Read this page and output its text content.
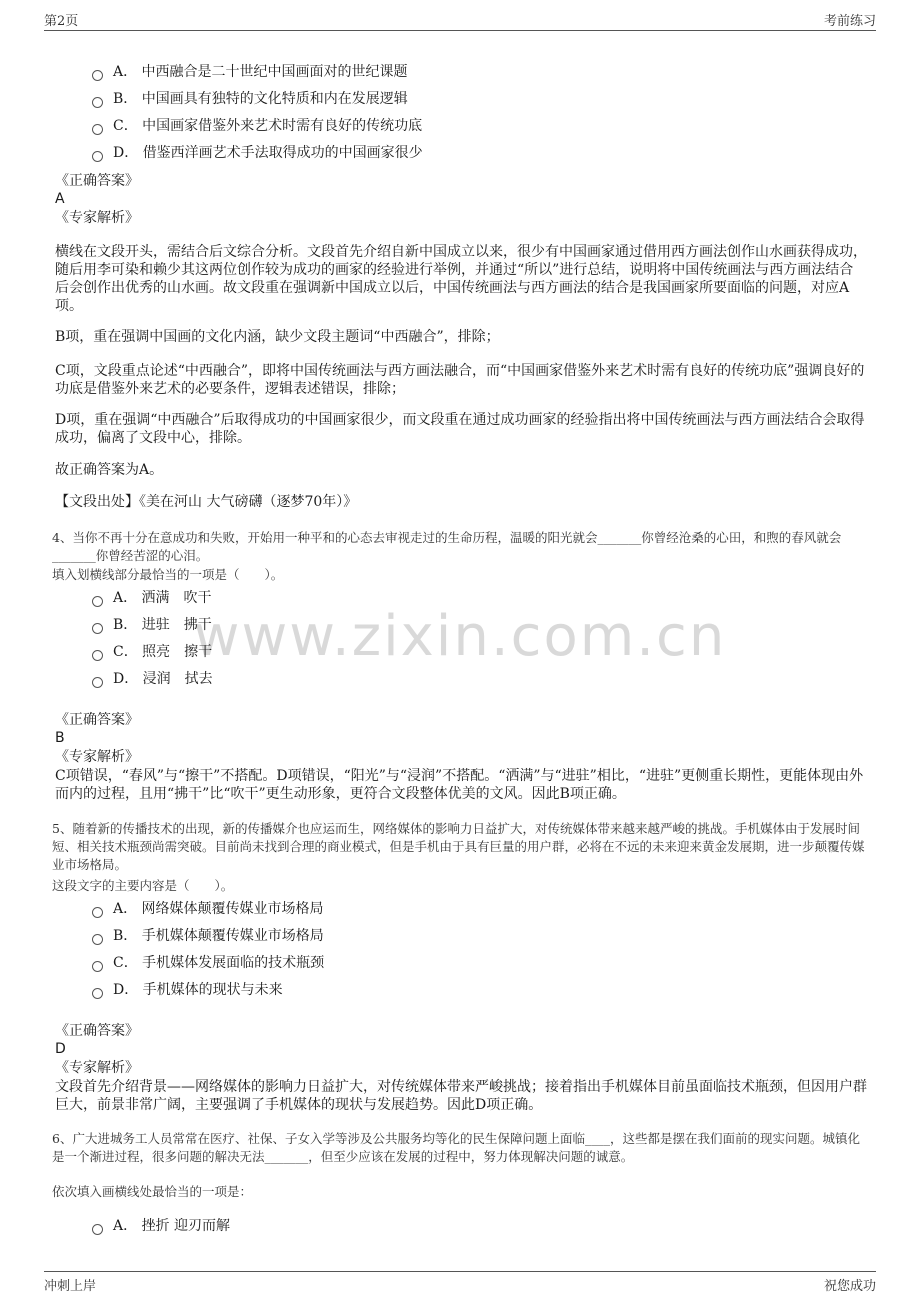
第2页	考前练习
www.zixin.com.cn
A． 中西融合是二十世纪中国画面对的世纪课题
B． 中国画具有独特的文化特质和内在发展逻辑
C． 中国画家借鉴外来艺术时需有良好的传统功底
D． 借鉴西洋画艺术手法取得成功的中国画家很少
《正确答案》
A
《专家解析》
横线在文段开头，需结合后文综合分析。文段首先介绍自新中国成立以来，很少有中国画家通过借用西方画法创作山水画获得成功，随后用李可染和赖少其这两位创作较为成功的画家的经验进行举例，并通过“所以”进行总结，说明将中国传统画法与西方画法结合后会创作出优秀的山水画。故文段重在强调新中国成立以后，中国传统画法与西方画法的结合是我国画家所要面临的问题，对应A项。
B项，重在强调中国画的文化内涵，缺少文段主题词“中西融合”，排除；
C项，文段重点论述“中西融合”，即将中国传统画法与西方画法融合，而“中国画家借鉴外来艺术时需有良好的传统功底”强调良好的功底是借鉴外来艺术的必要条件，逻辑表述错误，排除；
D项，重在强调“中西融合”后取得成功的中国画家很少，而文段重在通过成功画家的经验指出将中国传统画法与西方画法结合会取得成功，偏离了文段中心，排除。
故正确答案为A。
【文段出处】《美在河山 大气磅礴（逐梦70年）》
4、当你不再十分在意成功和失败，开始用一种平和的心态去审视走过的生命历程，温暖的阳光就会_______你曾经沧桑的心田，和煦的春风就会_______你曾经苦涩的心泪。
填入划横线部分最恰当的一项是（　　）。
A． 洒满　吹干
B． 进驻　拂干
C． 照亮　擦干
D． 浸润　拭去
《正确答案》
B
《专家解析》
C项错误，“春风”与“擦干”不搭配。D项错误，“阳光”与“浸润”不搭配。“洒满”与“进驻”相比，“进驻”更侧重长期性，更能体现由外而内的过程，且用“拂干”比“吹干”更生动形象，更符合文段整体优美的文风。因此B项正确。
5、随着新的传播技术的出现，新的传播媒介也应运而生，网络媒体的影响力日益扩大，对传统媒体带来越来越严峻的挑战。手机媒体由于发展时间短、相关技术瓶颈尚需突破。目前尚未找到合理的商业模式，但是手机由于具有巨量的用户群，必将在不远的未来迎来黄金发展期，进一步颠覆传媒业市场格局。
这段文字的主要内容是（　　）。
A． 网络媒体颠覆传媒业市场格局
B． 手机媒体颠覆传媒业市场格局
C． 手机媒体发展面临的技术瓶颈
D． 手机媒体的现状与未来
《正确答案》
D
《专家解析》
文段首先介绍背景——网络媒体的影响力日益扩大，对传统媒体带来严峻挑战；接着指出手机媒体目前虽面临技术瓶颈，但因用户群巨大，前景非常广阔，主要强调了手机媒体的现状与发展趋势。因此D项正确。
6、广大进城务工人员常常在医疗、社保、子女入学等涉及公共服务均等化的民生保障问题上面临____，这些都是摆在我们面前的现实问题。城镇化是一个渐进过程，很多问题的解决无法_______，但至少应该在发展的过程中，努力体现解决问题的诚意。
依次填入画横线处最恰当的一项是：
A． 挫折 迎刃而解
冲刺上岸	祝您成功
